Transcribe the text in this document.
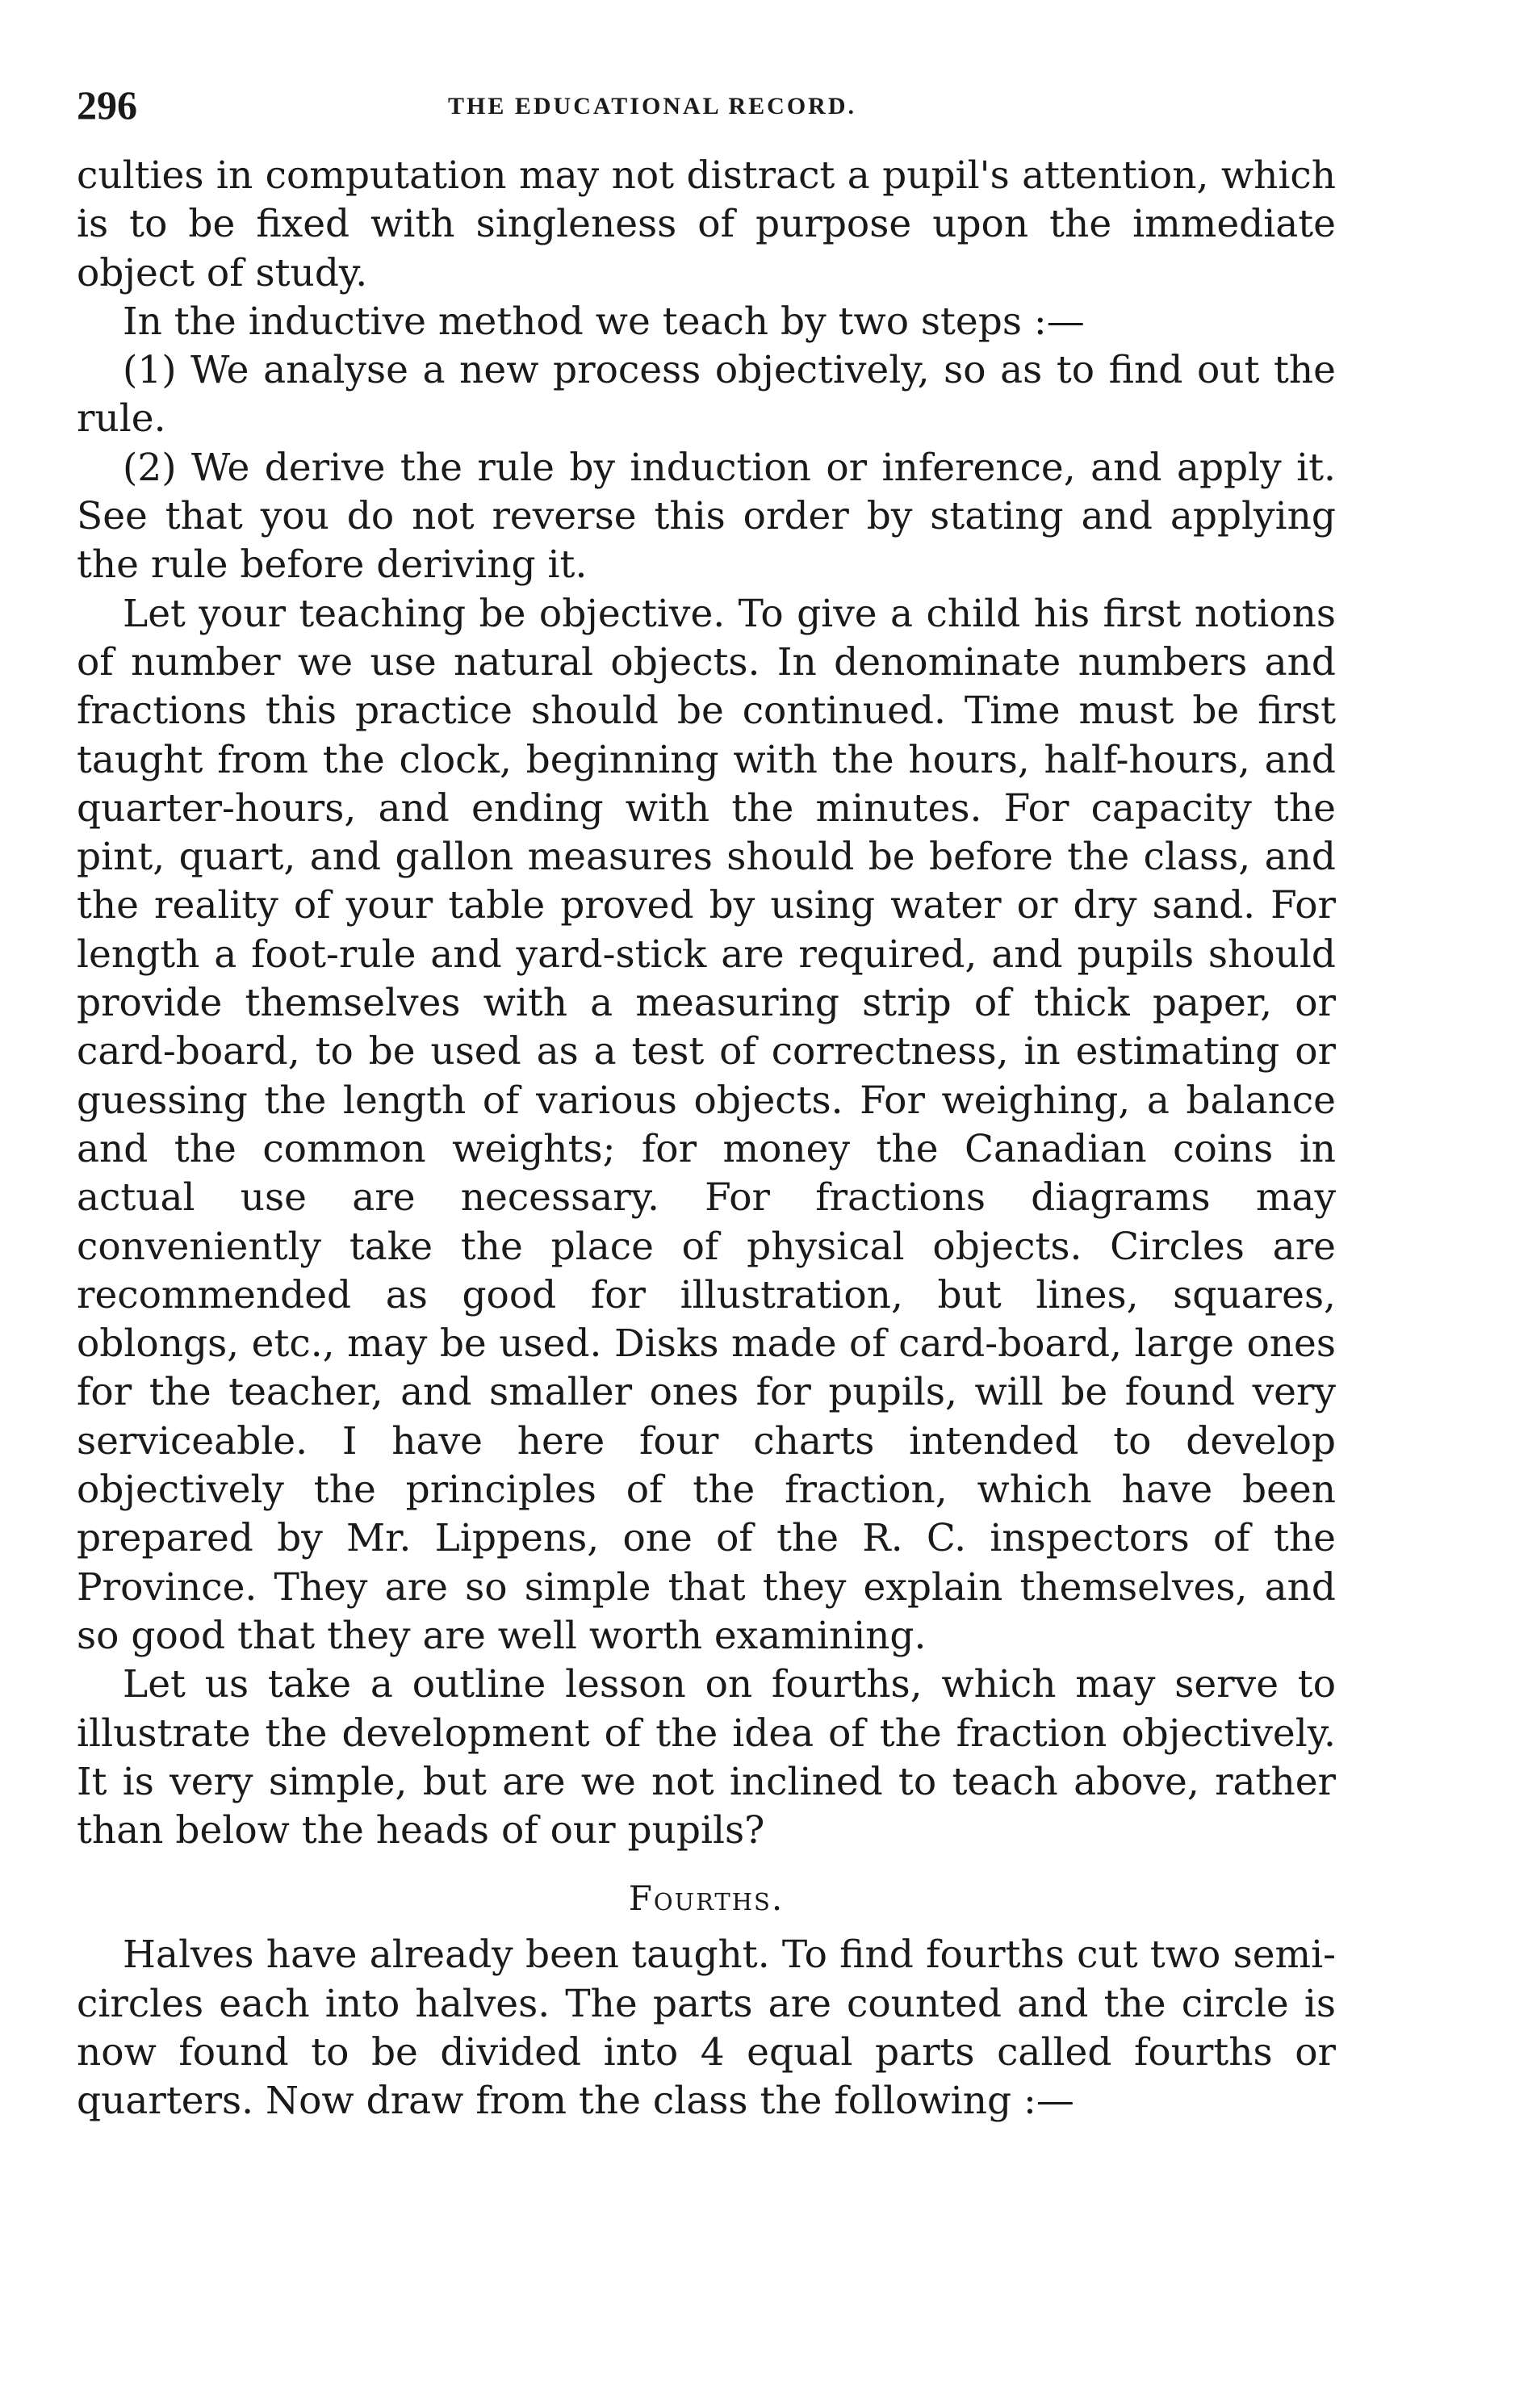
296	THE EDUCATIONAL RECORD.

culties in computation may not distract a pupil's attention, which is to be fixed with singleness of purpose upon the immediate object of study.

In the inductive method we teach by two steps :—

(1) We analyse a new process objectively, so as to find out the rule.

(2) We derive the rule by induction or inference, and apply it. See that you do not reverse this order by stating and applying the rule before deriving it.

Let your teaching be objective. To give a child his first notions of number we use natural objects. In denominate numbers and fractions this practice should be continued. Time must be first taught from the clock, beginning with the hours, half-hours, and quarter-hours, and ending with the minutes. For capacity the pint, quart, and gallon measures should be before the class, and the reality of your table proved by using water or dry sand. For length a foot-rule and yard-stick are required, and pupils should provide themselves with a measuring strip of thick paper, or card-board, to be used as a test of correctness, in estimating or guessing the length of various objects. For weighing, a balance and the common weights; for money the Canadian coins in actual use are necessary. For fractions diagrams may conveniently take the place of physical objects. Circles are recommended as good for illustration, but lines, squares, oblongs, etc., may be used. Disks made of card-board, large ones for the teacher, and smaller ones for pupils, will be found very serviceable. I have here four charts intended to develop objectively the principles of the fraction, which have been prepared by Mr. Lippens, one of the R. C. inspectors of the Province. They are so simple that they explain themselves, and so good that they are well worth examining.

Let us take a outline lesson on fourths, which may serve to illustrate the development of the idea of the fraction objectively. It is very simple, but are we not inclined to teach above, rather than below the heads of our pupils?

Fourths.

Halves have already been taught. To find fourths cut two semi-circles each into halves. The parts are counted and the circle is now found to be divided into 4 equal parts called fourths or quarters. Now draw from the class the following :—
